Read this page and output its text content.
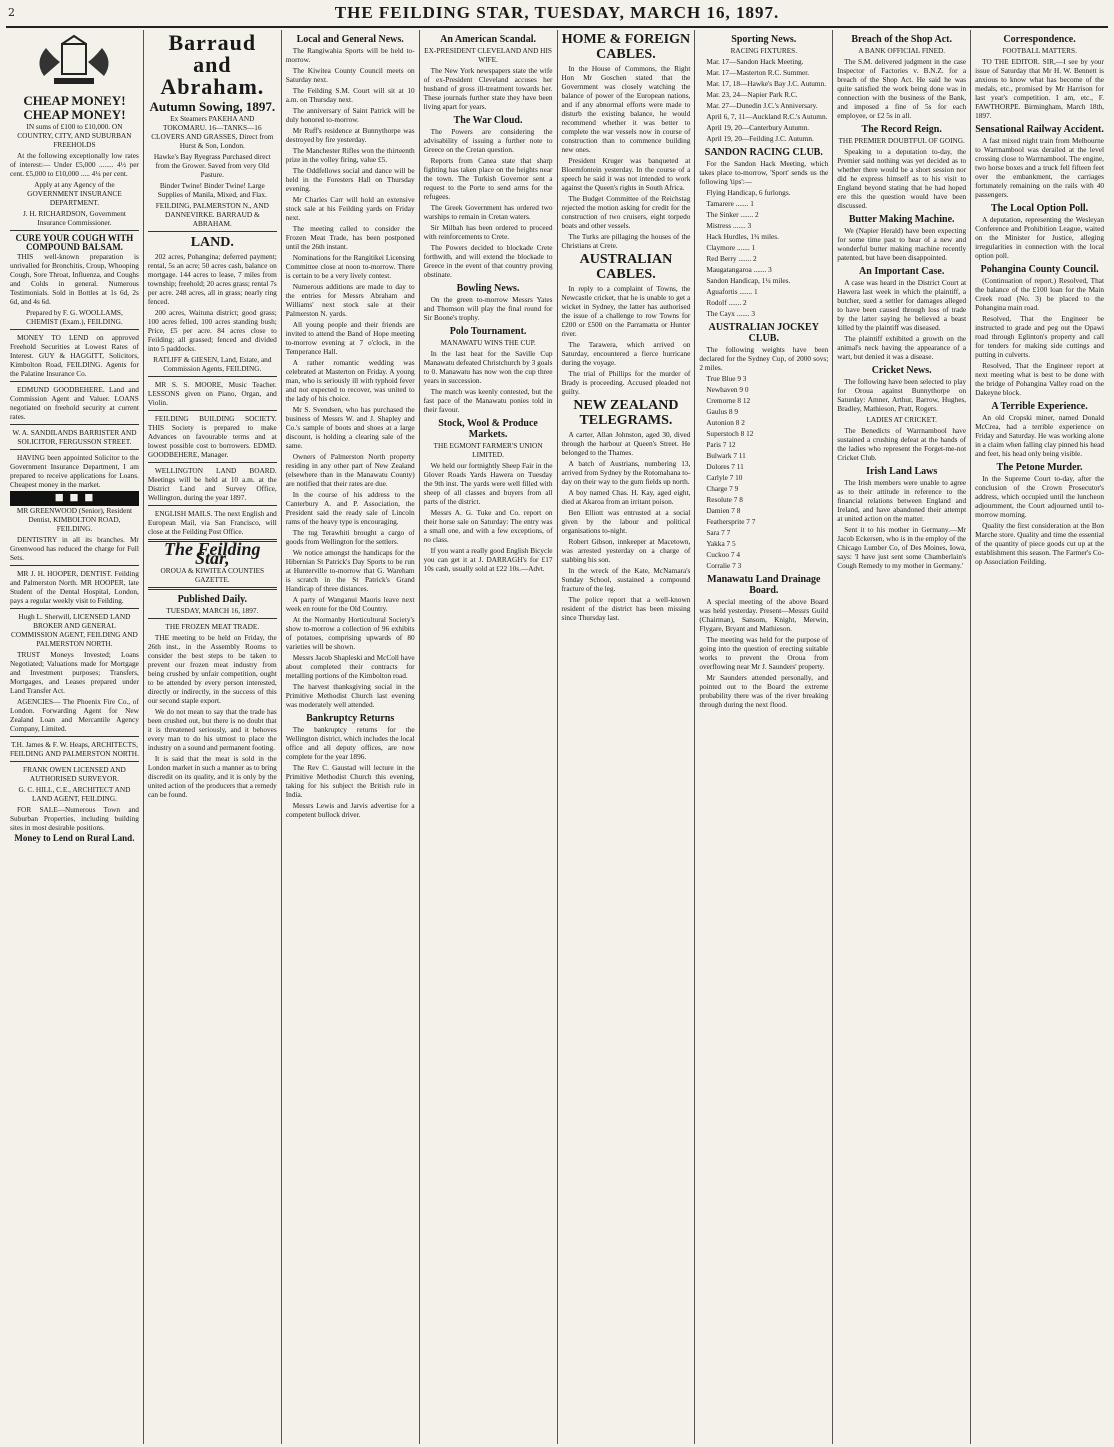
2	THE FEILDING STAR, TUESDAY, MARCH 16, 1897.
CHEAP MONEY! CHEAP MONEY!

IN sums of £100 to £10,000. ON COUNTRY, CITY, AND SUBURBAN FREEHOLDS

At the following exceptionally low rates of interest:— Under £5,000 ........ 4½ per cent. £5,000 to £10,000 ..... 4¼ per cent.

Apply at any Agency of the GOVERNMENT INSURANCE DEPARTMENT.

J. H. RICHARDSON, Government Insurance Commissioner.

CURE YOUR COUGH WITH COMPOUND BALSAM.

THIS well-known preparation is unrivalled for Bronchitis, Croup, Whooping Cough, Sore Throat, Influenza, and Coughs and Colds in general. Numerous Testimonials. Sold in Bottles at 1s 6d, 2s 6d, and 4s 6d.

Prepared by F. G. WOOLLAMS, CHEMIST (Exam.), FEILDING.

MONEY TO LEND on approved Freehold Securities at Lowest Rates of Interest. GUY & HAGGITT, Solicitors, Kimbolton Road, FEILDING. Agents for the Palatine Insurance Co.

EDMUND GOODBEHERE. Land and Commission Agent and Valuer. LOANS negotiated on freehold security at current rates.

W. A. SANDILANDS BARRISTER AND SOLICITOR, FERGUSSON STREET.

HAVING been appointed Solicitor to the Government Insurance Department, I am prepared to receive applications for Loans. Cheapest money in the market.

■ ■ ■

MR GREENWOOD (Senior), Resident Dentist, KIMBOLTON ROAD, FEILDING.

DENTISTRY in all its branches. Mr Greenwood has reduced the charge for Full Sets.

MR J. H. HOOPER, DENTIST. Feilding and Palmerston North. MR HOOPER, late Student of the Dental Hospital, London, pays a regular weekly visit to Feilding.

Hugh L. Sherwill, LICENSED LAND BROKER AND GENERAL COMMISSION AGENT, FEILDING AND PALMERSTON NORTH.

TRUST Moneys Invested; Loans Negotiated; Valuations made for Mortgage and Investment purposes; Transfers, Mortgages, and Leases prepared under Land Transfer Act.

AGENCIES— The Phoenix Fire Co., of London. Forwarding Agent for New Zealand Loan and Mercantile Agency Company, Limited.

T.H. James & F. W. Heaps, ARCHITECTS, FEILDING AND PALMERSTON NORTH.

FRANK OWEN LICENSED AND AUTHORISED SURVEYOR.

G. C. HILL, C.E., ARCHITECT AND LAND AGENT, FEILDING.

FOR SALE—Numerous Town and Suburban Properties, including building sites in most desirable positions.

Money to Lend on Rural Land.
Barraud and Abraham.
Autumn Sowing, 1897.

Ex Steamers PAKEHA AND TOKOMARU. 16—TANKS—16 CLOVERS AND GRASSES, Direct from Hurst & Son, London.

Hawke's Bay Ryegrass Purchased direct from the Grower. Saved from very Old Pasture.

Binder Twine! Binder Twine! Large Supplies of Manila, Mixed, and Flax.

FEILDING, PALMERSTON N., AND DANNEVIRKE. BARRAUD & ABRAHAM.

LAND.

202 acres, Pohangina; deferred payment; rental, 5s an acre; 50 acres cash, balance on mortgage. 144 acres to lease, 7 miles from township; freehold; 20 acres grass; rental 7s per acre. 248 acres, all in grass; nearly ring fenced.

200 acres, Waituna district; good grass; 100 acres felled, 100 acres standing bush; Price, £5 per acre. 84 acres close to Feilding; all grassed; fenced and divided into 5 paddocks.

RATLIFF & GIESEN, Land, Estate, and Commission Agents, FEILDING.

MR S. S. MOORE, Music Teacher. LESSONS given on Piano, Organ, and Violin.

FEILDING BUILDING SOCIETY. THIS Society is prepared to make Advances on favourable terms and at lowest possible cost to borrowers. EDMD. GOODBEHERE, Manager.

WELLINGTON LAND BOARD. Meetings will be held at 10 a.m. at the District Land and Survey Office, Wellington, during the year 1897.

ENGLISH MAILS. The next English and European Mail, via San Francisco, will close at the Feilding Post Office.

The Feilding Star,

OROUA & KIWITEA COUNTIES GAZETTE.

Published Daily.

TUESDAY, MARCH 16, 1897.

THE FROZEN MEAT TRADE.

THE meeting to be held on Friday, the 26th inst., in the Assembly Rooms to consider the best steps to be taken to prevent our frozen meat industry from being crushed by unfair competition, ought to be attended by every person interested, directly or indirectly, in the success of this our second staple export.

We do not mean to say that the trade has been crushed out, but there is no doubt that it is threatened seriously, and it behoves every man to do his utmost to place the industry on a sound and permanent footing.

It is said that the meat is sold in the London market in such a manner as to bring discredit on its quality, and it is only by the united action of the producers that a remedy can be found.

Local and General News.

The Rangiwahia Sports will be held to-morrow.

The Kiwitea County Council meets on Saturday next.

The Feilding S.M. Court will sit at 10 a.m. on Thursday next.

The anniversary of Saint Patrick will be duly honored to-morrow.

Mr Ruff's residence at Bunnythorpe was destroyed by fire yesterday.

The Manchester Rifles won the thirteenth prize in the volley firing, value £5.

The Oddfellows social and dance will be held in the Foresters Hall on Thursday evening.

Mr Charles Carr will hold an extensive stock sale at his Feilding yards on Friday next.

The meeting called to consider the Frozen Meat Trade, has been postponed until the 26th instant.

Nominations for the Rangitikei Licensing Committee close at noon to-morrow. There is certain to be a very lively contest.

Numerous additions are made to day to the entries for Messrs Abraham and Williams' next stock sale at their Palmerston N. yards.

All young people and their friends are invited to attend the Band of Hope meeting to-morrow evening at 7 o'clock, in the Temperance Hall.

A rather romantic wedding was celebrated at Masterton on Friday. A young man, who is seriously ill with typhoid fever and not expected to recover, was united to the lady of his choice.

Mr S. Svendsen, who has purchased the business of Messrs W. and J. Shapley and Co.'s sample of boots and shoes at a large discount, is holding a clearing sale of the same.

Owners of Palmerston North property residing in any other part of New Zealand (elsewhere than in the Manawatu County) are notified that their rates are due.

In the course of his address to the Canterbury A. and P. Association, the President said the ready sale of Lincoln rams of the heavy type is encouraging.

The tug Terawhiti brought a cargo of goods from Wellington for the settlers.

We notice amongst the handicaps for the Hibernian St Patrick's Day Sports to be run at Hunterville to-morrow that G. Wareham is scratch in the St Patrick's Grand Handicap of three distances.

A party of Wanganui Maoris leave next week en route for the Old Country.

At the Normanby Horticultural Society's show to-morrow a collection of 96 exhibits of potatoes, comprising upwards of 80 varieties will be shown.

Messrs Jacob Shapleski and McColl have about completed their contracts for metalling portions of the Kimbolton road.

The harvest thanksgiving social in the Primitive Methodist Church last evening was moderately well attended.

Bankruptcy Returns

The bankruptcy returns for the Wellington district, which includes the local office and all deputy offices, are now complete for the year 1896.

The Rev C. Gaustad will lecture in the Primitive Methodist Church this evening, taking for his subject the British rule in India.

Messrs Lewis and Jarvis advertise for a competent bullock driver.

An American Scandal.

EX-PRESIDENT CLEVELAND AND HIS WIFE.

The New York newspapers state the wife of ex-President Cleveland accuses her husband of gross ill-treatment towards her. These journals further state they have been living apart for years.

The War Cloud.

The Powers are considering the advisability of issuing a further note to Greece on the Cretan question.

Reports from Canea state that sharp fighting has taken place on the heights near the town. The Turkish Governor sent a request to the Porte to send arms for the refugees.

The Greek Government has ordered two warships to remain in Cretan waters.

Sir Milbah has been ordered to proceed with reinforcements to Crete.

The Powers decided to blockade Crete forthwith, and will extend the blockade to Greece in the event of that country proving obstinate.

Bowling News.

On the green to-morrow Messrs Yates and Thomson will play the final round for Sir Boone's trophy.

Polo Tournament.

MANAWATU WINS THE CUP.

In the last heat for the Saville Cup Manawatu defeated Christchurch by 3 goals to 0. Manawatu has now won the cup three years in succession.

The match was keenly contested, but the fast pace of the Manawatu ponies told in their favour.

Stock, Wool & Produce Markets.

THE EGMONT FARMER'S UNION LIMITED.

We held our fortnightly Sheep Fair in the Glover Roads Yards Hawera on Tuesday the 9th inst. The yards were well filled with sheep of all classes and buyers from all parts of the district.

Messrs A. G. Tuke and Co. report on their horse sale on Saturday: The entry was a small one, and with a few exceptions, of no class.

If you want a really good English Bicycle you can get it at J. DARRAGH's for £17 10s cash, usually sold at £22 10s.—Advt.

HOME & FOREIGN CABLES.

In the House of Commons, the Right Hon Mr Goschen stated that the Government was closely watching the balance of power of the European nations, and if any abnormal efforts were made to disturb the existing balance, he would recommend whether it was better to complete the war vessels now in course of construction than to commence building new ones.

President Kruger was banqueted at Bloemfontein yesterday. In the course of a speech he said it was not intended to work against the Queen's rights in South Africa.

The Budget Committee of the Reichstag rejected the motion asking for credit for the construction of two cruisers, eight torpedo boats and other vessels.

The Turks are pillaging the houses of the Christians at Crete.

AUSTRALIAN CABLES.

In reply to a complaint of Towns, the Newcastle cricket, that he is unable to get a wicket in Sydney, the latter has authorised the issue of a challenge to row Towns for £200 or £500 on the Parramatta or Hunter river.

The Tarawera, which arrived on Saturday, encountered a fierce hurricane during the voyage.

The trial of Phillips for the murder of Brady is proceeding. Accused pleaded not guilty.

NEW ZEALAND TELEGRAMS.

A carter, Allan Johnston, aged 30, dived through the harbour at Queen's Street. He belonged to the Thames.

A batch of Austrians, numbering 13, arrived from Sydney by the Rotomahana to-day on their way to the gum fields up north.

A boy named Chas. H. Kay, aged eight, died at Akaroa from an irritant poison.

Ben Elliott was entrusted at a social given by the labour and political organisations to-night.

Robert Gibson, innkeeper at Macetown, was arrested yesterday on a charge of stabbing his son.

In the wreck of the Kate, McNamara's Sunday School, sustained a compound fracture of the leg.

The police report that a well-known resident of the district has been missing since Thursday last.

Sporting News.

RACING FIXTURES.

Mar. 17—Sandon Hack Meeting.

Mar. 17—Masterton R.C. Summer.

Mar. 17, 18—Hawke's Bay J.C. Autumn.

Mar. 23, 24—Napier Park R.C.

Mar. 27—Dunedin J.C.'s Anniversary.

April 6, 7, 11—Auckland R.C.'s Autumn.

April 19, 20—Canterbury Autumn.

April 19, 20—Feilding J.C. Autumn.

SANDON RACING CLUB.

For the Sandon Hack Meeting, which takes place to-morrow, 'Sport' sends us the following 'tips':—

Flying Handicap, 6 furlongs.

Tamarere ....... 1

The Sinker ....... 2

Mistress ....... 3

Hack Hurdles, 1¾ miles.

Claymore ....... 1

Red Berry ....... 2

Maugatangaroa ....... 3

Sandon Handicap, 1¼ miles.

Aguafortis ....... 1

Rodolf ....... 2

The Cayx ....... 3

AUSTRALIAN JOCKEY CLUB.

The following weights have been declared for the Sydney Cup, of 2000 sovs; 2 miles.

True Blue 9 3

Newhaven 9 0

Cremorne 8 12

Gaulus 8 9

Autonion 8 2

Superstoch 8 12

Paris 7 12

Bulwark 7 11

Dolores 7 11

Carlyle 7 10

Charge 7 9

Resolute 7 8

Damien 7 8

Feathersprite 7 7

Sara 7 7

Yakka 7 5

Cuckoo 7 4

Corralie 7 3

Manawatu Land Drainage Board.

A special meeting of the above Board was held yesterday. Present—Messrs Guild (Chairman), Sansom, Knight, Merwin, Flygare, Bryant and Mathieson.

The meeting was held for the purpose of going into the question of erecting suitable works to prevent the Oroua from overflowing near Mr J. Saunders' property.

Mr Saunders attended personally, and pointed out to the Board the extreme probability there was of the river breaking through during the next flood.

Breach of the Shop Act.

A BANK OFFICIAL FINED.

The S.M. delivered judgment in the case Inspector of Factories v. B.N.Z. for a breach of the Shop Act. He said he was quite satisfied the work being done was in connection with the business of the Bank, and imposed a fine of 5s for each employee, or £2 5s in all.

The Record Reign.

THE PREMIER DOUBTFUL OF GOING.

Speaking to a deputation to-day, the Premier said nothing was yet decided as to whether there would be a short session nor did he express himself as to his visit to England beyond stating that he had hoped ere this the question would have been discussed.

Butter Making Machine.

We (Napier Herald) have been expecting for some time past to hear of a new and wonderful butter making machine recently patented, but have been disappointed.

An Important Case.

A case was heard in the District Court at Hawera last week in which the plaintiff, a butcher, sued a settler for damages alleged to have been caused through loss of trade by the latter saying he believed a beast killed by the plaintiff was diseased.

The plaintiff exhibited a growth on the animal's neck having the appearance of a wart, but denied it was a disease.

Cricket News.

The following have been selected to play for Oroua against Bunnythorpe on Saturday: Amner, Arthur, Barrow, Hughes, Bradley, Mathieson, Pratt, Rogers.

LADIES AT CRICKET.

The Benedicts of Warrnambool have sustained a crushing defeat at the hands of the ladies who represent the Forget-me-not Cricket Club.

Irish Land Laws

The Irish members were unable to agree as to their attitude in reference to the financial relations between England and Ireland, and have abandoned their attempt at united action on the matter.

Sent it to his mother in Germany.—Mr Jacob Eckersen, who is in the employ of the Chicago Lumber Co, of Des Moines, Iowa, says: 'I have just sent some Chamberlain's Cough Remedy to my mother in Germany.'

Correspondence.

FOOTBALL MATTERS.

TO THE EDITOR. SIR,—I see by your issue of Saturday that Mr H. W. Bennett is anxious to know what has become of the medals, etc., promised by Mr Harrison for last year's competition. I am, etc., F. FAWTHORPE. Birmingham, March 18th, 1897.

Sensational Railway Accident.

A fast mixed night train from Melbourne to Warrnambool was derailed at the level crossing close to Warrnambool. The engine, two horse boxes and a truck fell fifteen feet over the embankment, the carriages fortunately remaining on the rails with 40 passengers.

The Local Option Poll.

A deputation, representing the Wesleyan Conference and Prohibition League, waited on the Minister for Justice, alleging irregularities in connection with the local option poll.

Pohangina County Council.

(Continuation of report.) Resolved, That the balance of the £100 loan for the Main Creek road (No. 3) be placed to the Pohangina main road.

Resolved, That the Engineer be instructed to grade and peg out the Opawi road through Eglinton's property and call for tenders for making side cuttings and putting in culverts.

Resolved, That the Engineer report at next meeting what is best to be done with the bridge of Pohangina Valley road on the Dakeyne block.

A Terrible Experience.

An old Cropski miner, named Donald McCrea, had a terrible experience on Friday and Saturday. He was working alone in a claim when falling clay pinned his head and feet, his head only being visible.

The Petone Murder.

In the Supreme Court to-day, after the conclusion of the Crown Prosecutor's address, which occupied until the luncheon adjournment, the Court adjourned until to-morrow morning.

Quality the first consideration at the Bon Marche store. Quality and time the essential of the quantity of piece goods cut up at the establishment this season. The Farmer's Co-op Association Feilding.
